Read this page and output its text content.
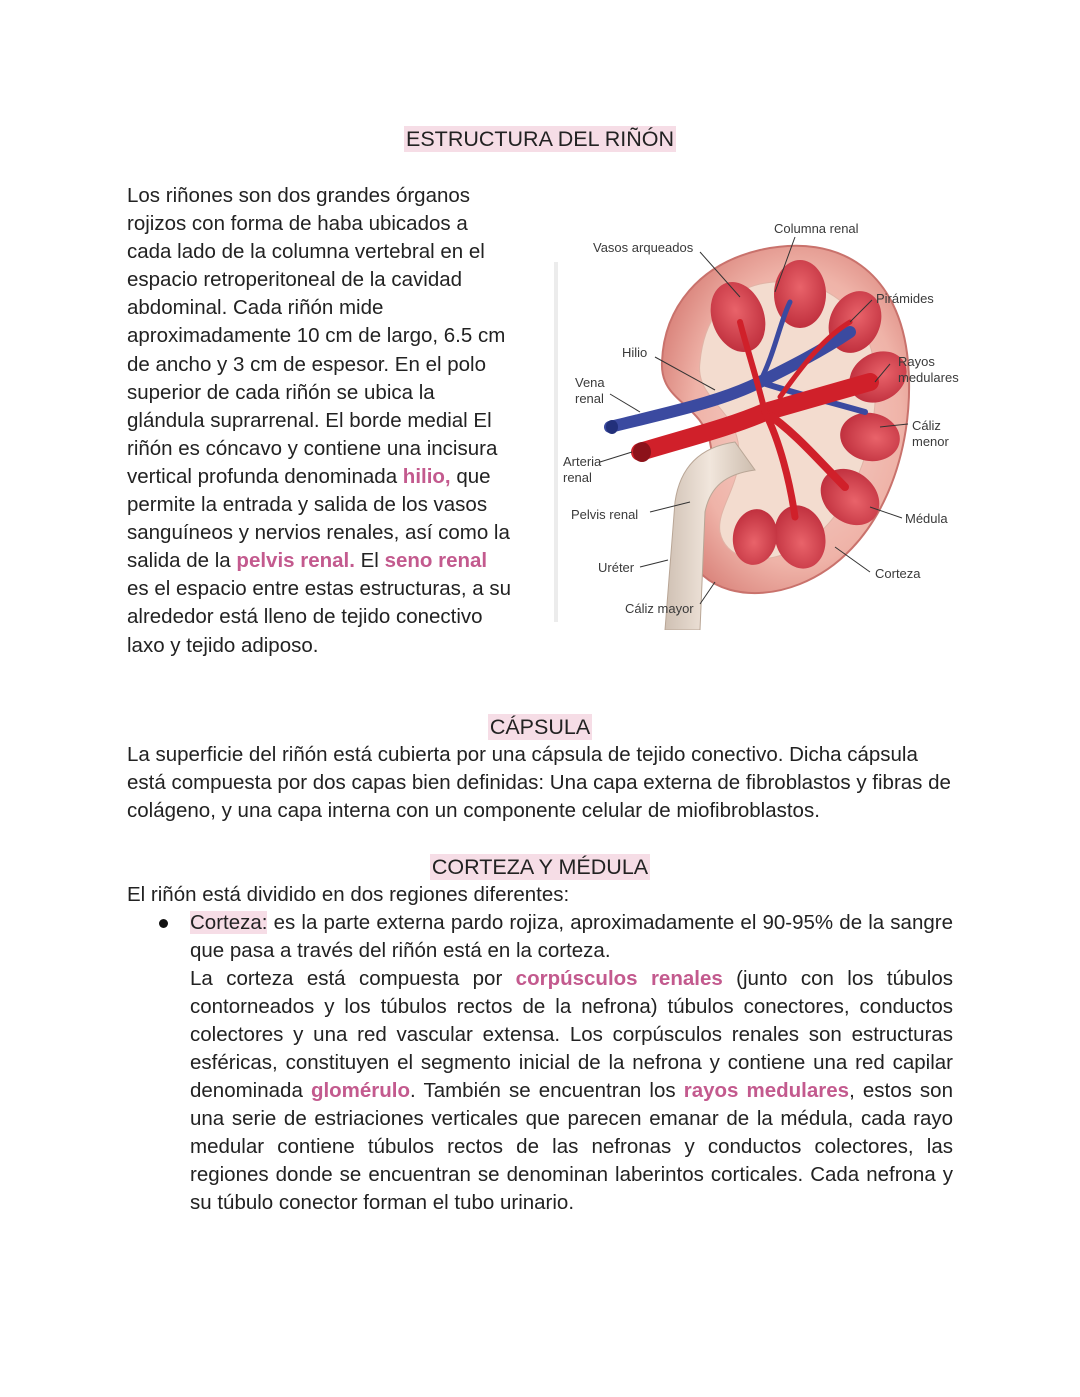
ESTRUCTURA DEL RIÑÓN
Los riñones son dos grandes órganos rojizos con forma de haba ubicados a cada lado de la columna vertebral en el espacio retroperitoneal de la cavidad abdominal. Cada riñón mide aproximadamente 10 cm de largo, 6.5 cm de ancho y 3 cm de espesor. En el polo superior de cada riñón se ubica la glándula suprarrenal. El borde medial El riñón es cóncavo y contiene una incisura vertical profunda denominada hilio, que permite la entrada y salida de los vasos sanguíneos y nervios renales, así como la salida de la pelvis renal. El seno renal es el espacio entre estas estructuras, a su alrededor está lleno de tejido conectivo laxo y tejido adiposo.
Vasos arqueados
Columna renal
Pirámides
Hilio
Rayos
medulares
Vena
renal
Cáliz
menor
Arteria
renal
Pelvis renal	Médula
Uréter	Corteza
Cáliz mayor
CÁPSULA
La superficie del riñón está cubierta por una cápsula de tejido conectivo. Dicha cápsula está compuesta por dos capas bien definidas: Una capa externa de fibroblastos y fibras de colágeno, y una capa interna con un componente celular de miofibroblastos.
CORTEZA Y MÉDULA
El riñón está dividido en dos regiones diferentes:
Corteza: es la parte externa pardo rojiza, aproximadamente el 90-95% de la sangre que pasa a través del riñón está en la corteza.
La corteza está compuesta por corpúsculos renales (junto con los túbulos contorneados y los túbulos rectos de la nefrona) túbulos conectores, conductos colectores y una red vascular extensa. Los corpúsculos renales son estructuras esféricas, constituyen el segmento inicial de la nefrona y contiene una red capilar denominada glomérulo. También se encuentran los rayos medulares, estos son una serie de estriaciones verticales que parecen emanar de la médula, cada rayo medular contiene túbulos rectos de las nefronas y conductos colectores, las regiones donde se encuentran se denominan laberintos corticales. Cada nefrona y su túbulo conector forman el tubo urinario.
